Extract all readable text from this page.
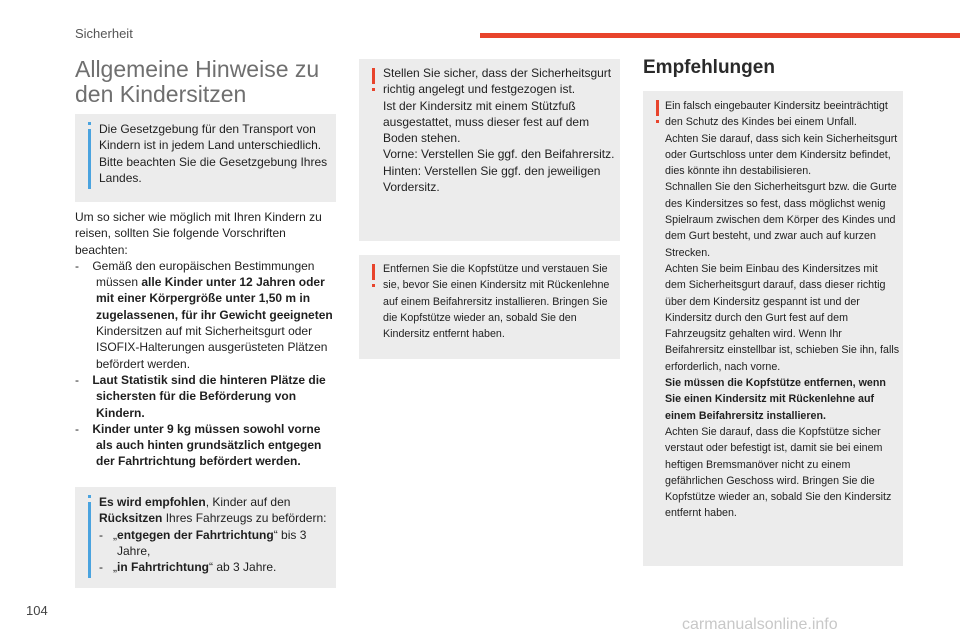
Sicherheit
Allgemeine Hinweise zu den Kindersitzen

Die Gesetzgebung für den Transport von Kindern ist in jedem Land unterschiedlich. Bitte beachten Sie die Gesetzgebung Ihres Landes.

Um so sicher wie möglich mit Ihren Kindern zu reisen, sollten Sie folgende Vorschriften beachten:

- Gemäß den europäischen Bestimmungen müssen alle Kinder unter 12 Jahren oder mit einer Körpergröße unter 1,50 m in zugelassenen, für ihr Gewicht geeigneten Kindersitzen auf mit Sicherheitsgurt oder ISOFIX-Halterungen ausgerüsteten Plätzen befördert werden.

- Laut Statistik sind die hinteren Plätze die sichersten für die Beförderung von Kindern.

- Kinder unter 9 kg müssen sowohl vorne als auch hinten grundsätzlich entgegen der Fahrtrichtung befördert werden.

Es wird empfohlen, Kinder auf den Rücksitzen Ihres Fahrzeugs zu befördern:

- „entgegen der Fahrtrichtung“ bis 3 Jahre,

- „in Fahrtrichtung“ ab 3 Jahre.

Stellen Sie sicher, dass der Sicherheitsgurt richtig angelegt und festgezogen ist.

Ist der Kindersitz mit einem Stützfuß ausgestattet, muss dieser fest auf dem Boden stehen.

Vorne: Verstellen Sie ggf. den Beifahrersitz.

Hinten: Verstellen Sie ggf. den jeweiligen Vordersitz.

Entfernen Sie die Kopfstütze und verstauen Sie sie, bevor Sie einen Kindersitz mit Rückenlehne auf einem Beifahrersitz installieren. Bringen Sie die Kopfstütze wieder an, sobald Sie den Kindersitz entfernt haben.

Empfehlungen

Ein falsch eingebauter Kindersitz beeinträchtigt den Schutz des Kindes bei einem Unfall.

Achten Sie darauf, dass sich kein Sicherheitsgurt oder Gurtschloss unter dem Kindersitz befindet, dies könnte ihn destabilisieren.

Schnallen Sie den Sicherheitsgurt bzw. die Gurte des Kindersitzes so fest, dass möglichst wenig Spielraum zwischen dem Körper des Kindes und dem Gurt besteht, und zwar auch auf kurzen Strecken.

Achten Sie beim Einbau des Kindersitzes mit dem Sicherheitsgurt darauf, dass dieser richtig über dem Kindersitz gespannt ist und der Kindersitz durch den Gurt fest auf dem Fahrzeugsitz gehalten wird. Wenn Ihr Beifahrersitz einstellbar ist, schieben Sie ihn, falls erforderlich, nach vorne.

Sie müssen die Kopfstütze entfernen, wenn Sie einen Kindersitz mit Rückenlehne auf einem Beifahrersitz installieren.

Achten Sie darauf, dass die Kopfstütze sicher verstaut oder befestigt ist, damit sie bei einem heftigen Bremsmanöver nicht zu einem gefährlichen Geschoss wird. Bringen Sie die Kopfstütze wieder an, sobald Sie den Kindersitz entfernt haben.

104
carmanualsonline.info
